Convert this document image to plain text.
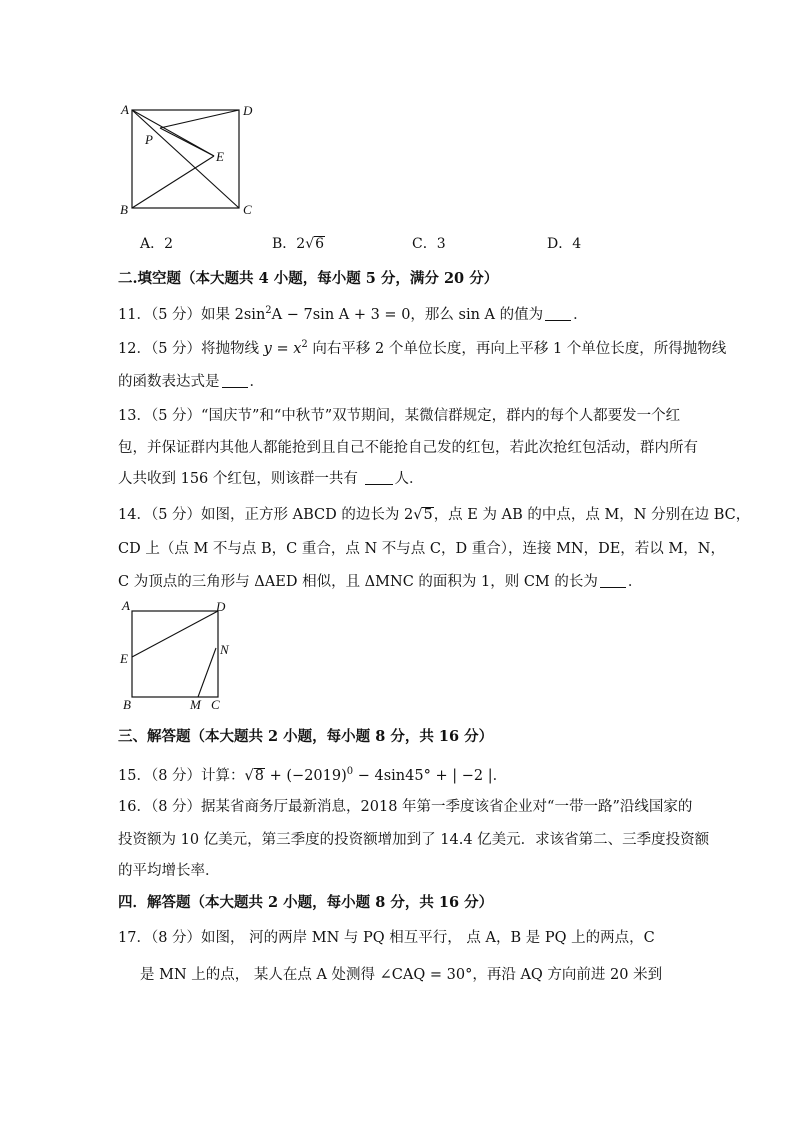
A	D
P
E
B	C
A．2	B．2√6	C．3	D．4
二.填空题（本大题共 4 小题，每小题 5 分，满分 20 分）
11．（5 分）如果 $2\sin^2A - 7\sin$ A + 3 = 0，那么 sin A 的值为 ．
12．（5 分）将抛物线 $y = x^2$ 向右平移 2 个单位长度，再向上平移 1 个单位长度，所得抛物线
的函数表达式是 ．
13．（5 分）“国庆节”和“中秋节”双节期间，某微信群规定，群内的每个人都要发一个红
包，并保证群内其他人都能抢到且自己不能抢自己发的红包，若此次抢红包活动，群内所有
人共收到 156 个红包，则该群一共有 人．
14．（5 分）如图，正方形 ABCD 的边长为 2√5，点 E 为 AB 的中点，点 M，N 分别在边 BC，
CD 上（点 M 不与点 B，C 重合，点 N 不与点 C，D 重合），连接 MN，DE，若以 M，N，
C 为顶点的三角形与 ΔAED 相似，且 ΔMNC 的面积为 1，则 CM 的长为 ．
A	D
E
N
B	M C
三、解答题（本大题共 2 小题，每小题 8 分，共 16 分）
15．（8 分）计算：$√8 + (-2019)^0 - 4\sin 45^\circ$ + | −2 |．
16．（8 分）据某省商务厅最新消息，2018 年第一季度该省企业对“一带一路”沿线国家的
投资额为 10 亿美元，第三季度的投资额增加到了 14.4 亿美元．求该省第二、三季度投资额
的平均增长率．
四．解答题（本大题共 2 小题，每小题 8 分，共 16 分）
17．（8 分）如图， 河的两岸 MN 与 PQ 相互平行， 点 A，B 是 PQ 上的两点，C
是 MN 上的点， 某人在点 A 处测得 ∠CAQ = 30°，再沿 AQ 方向前进 20 米到
